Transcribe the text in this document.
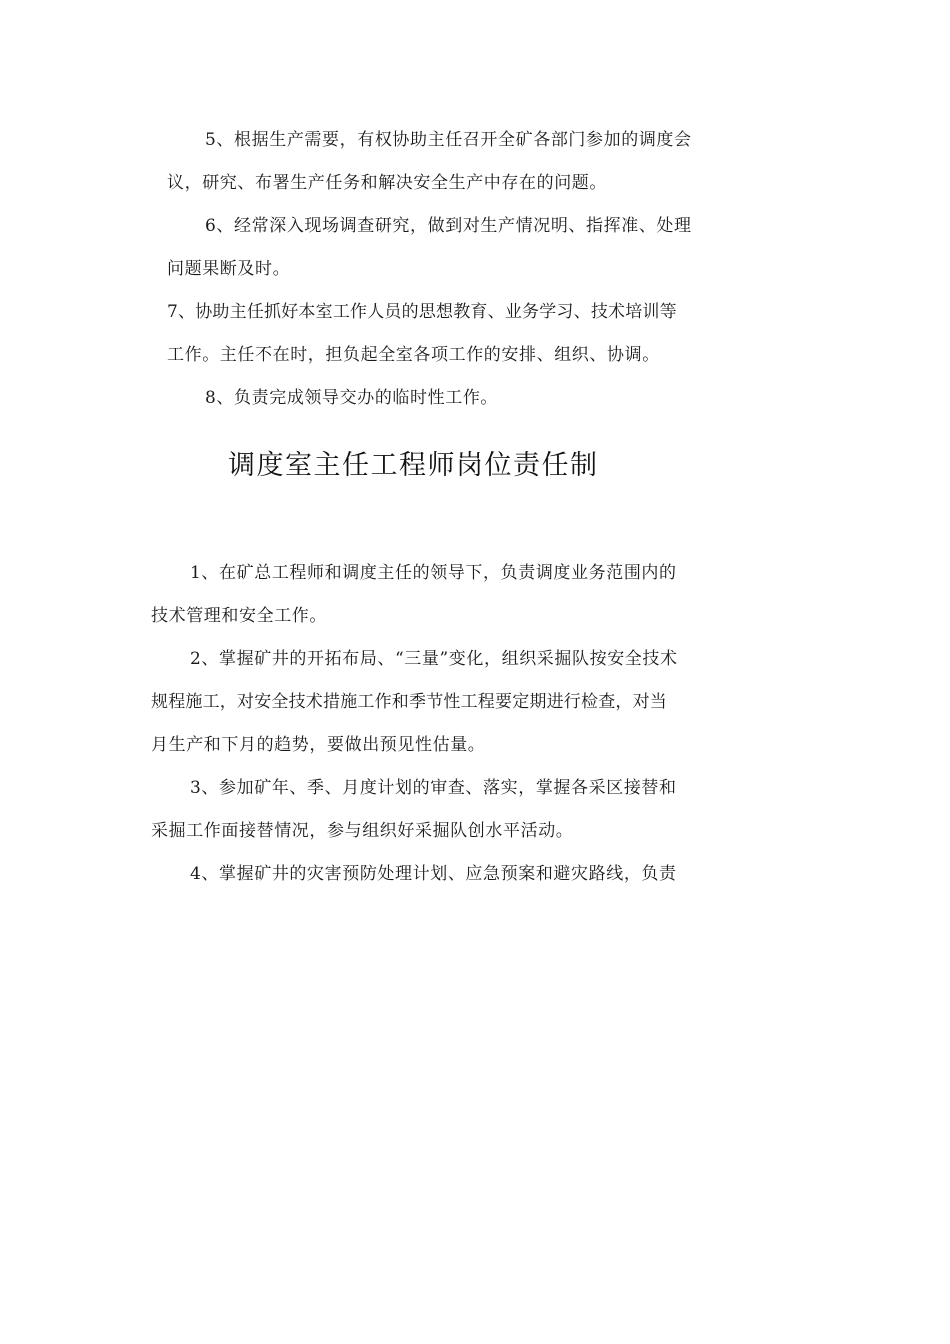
5、根据生产需要，有权协助主任召开全矿各部门参加的调度会
议，研究、布署生产任务和解决安全生产中存在的问题。
6、经常深入现场调查研究，做到对生产情况明、指挥准、处理
问题果断及时。
7、协助主任抓好本室工作人员的思想教育、业务学习、技术培训等
工作。主任不在时，担负起全室各项工作的安排、组织、协调。
8、负责完成领导交办的临时性工作。
调度室主任工程师岗位责任制
1、在矿总工程师和调度主任的领导下，负责调度业务范围内的
技术管理和安全工作。
2、掌握矿井的开拓布局、“三量”变化，组织采掘队按安全技术
规程施工，对安全技术措施工作和季节性工程要定期进行检查，对当
月生产和下月的趋势，要做出预见性估量。
3、参加矿年、季、月度计划的审查、落实，掌握各采区接替和
采掘工作面接替情况，参与组织好采掘队创水平活动。
4、掌握矿井的灾害预防处理计划、应急预案和避灾路线，负责
